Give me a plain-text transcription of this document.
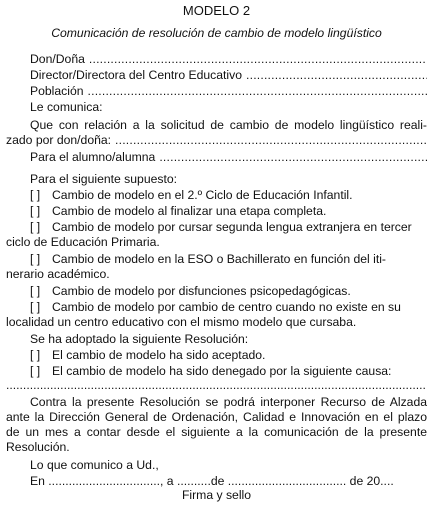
MODELO 2
Comunicación de resolución de cambio de modelo lingüístico
Don/Doña
.....
Director/Directora del Centro Educativo
.....
Población
.....
Le comunica:
Que con relación a la solicitud de cambio de modelo lingüístico reali-
zado por don/doña:
.....
Para el alumno/alumna
.....
Para el siguiente supuesto:
[ ] Cambio de modelo en el 2.º Ciclo de Educación Infantil.
[ ] Cambio de modelo al finalizar una etapa completa.
[ ] Cambio de modelo por cursar segunda lengua extranjera en tercer
ciclo de Educación Primaria.
[ ] Cambio de modelo en la ESO o Bachillerato en función del iti-
nerario académico.
[ ] Cambio de modelo por disfunciones psicopedagógicas.
[ ] Cambio de modelo por cambio de centro cuando no existe en su
localidad un centro educativo con el mismo modelo que cursaba.
Se ha adoptado la siguiente Resolución:
[ ] El cambio de modelo ha sido aceptado.
[ ] El cambio de modelo ha sido denegado por la siguiente causa:
.....
Contra la presente Resolución se podrá interponer Recurso de Alzada
ante la Dirección General de Ordenación, Calidad e Innovación en el plazo
de un mes a contar desde el siguiente a la comunicación de la presente
Resolución.
Lo que comunico a Ud.,
En ................................., a ..........de ................................... de 20....
Firma y sello
